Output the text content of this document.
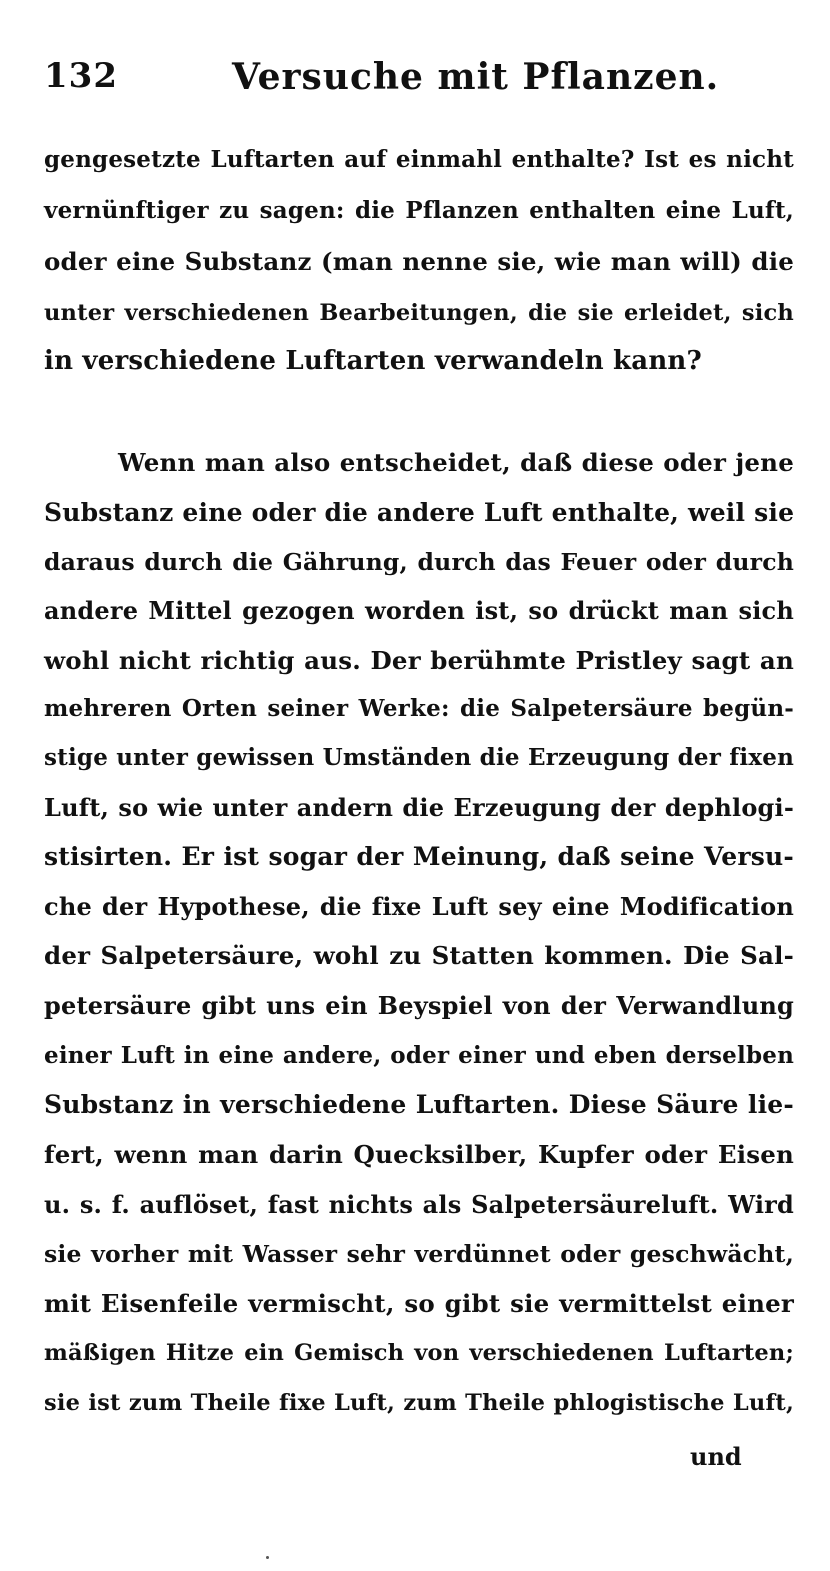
132	Versuche mit Pflanzen.
gengesetzte Luftarten auf einmahl enthalte? Ist es nicht
vernünftiger zu sagen: die Pflanzen enthalten eine Luft,
oder eine Substanz (man nenne sie, wie man will) die
unter verschiedenen Bearbeitungen, die sie erleidet, sich
in verschiedene Luftarten verwandeln kann?
Wenn man also entscheidet, daß diese oder jene
Substanz eine oder die andere Luft enthalte, weil sie
daraus durch die Gährung, durch das Feuer oder durch
andere Mittel gezogen worden ist, so drückt man sich
wohl nicht richtig aus. Der berühmte Pristley sagt an
mehreren Orten seiner Werke: die Salpetersäure begün-
stige unter gewissen Umständen die Erzeugung der fixen
Luft, so wie unter andern die Erzeugung der dephlogi-
stisirten. Er ist sogar der Meinung, daß seine Versu-
che der Hypothese, die fixe Luft sey eine Modification
der Salpetersäure, wohl zu Statten kommen. Die Sal-
petersäure gibt uns ein Beyspiel von der Verwandlung
einer Luft in eine andere, oder einer und eben derselben
Substanz in verschiedene Luftarten. Diese Säure lie-
fert, wenn man darin Quecksilber, Kupfer oder Eisen
u. s. f. auflöset, fast nichts als Salpetersäureluft. Wird
sie vorher mit Wasser sehr verdünnet oder geschwächt,
mit Eisenfeile vermischt, so gibt sie vermittelst einer
mäßigen Hitze ein Gemisch von verschiedenen Luftarten;
sie ist zum Theile fixe Luft, zum Theile phlogistische Luft,
und
